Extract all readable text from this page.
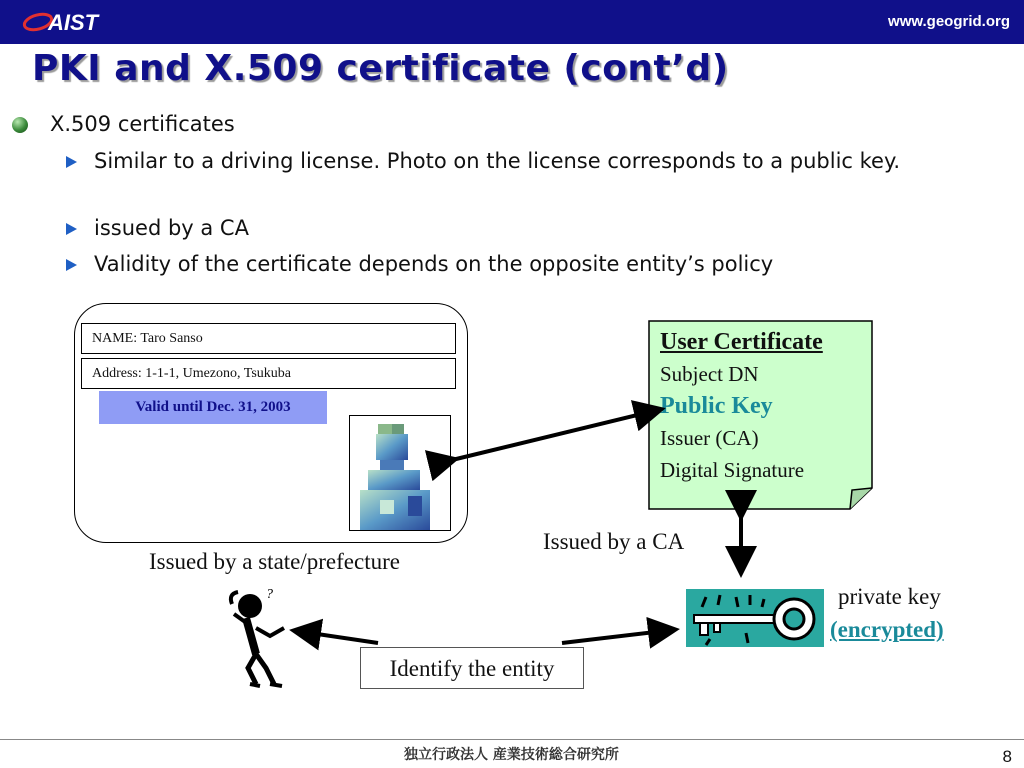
AIST	www.geogrid.org
PKI and X.509 certificate (cont’d)
X.509 certificates
Similar to a driving license. Photo on the license corresponds to a public key.
issued by a CA
Validity of the certificate depends on the opposite entity’s policy
NAME: Taro Sanso
Address: 1-1-1, Umezono, Tsukuba
Valid until Dec. 31, 2003
User Certificate
Subject DN
Public Key
Issuer (CA)
Digital Signature
Issued by a state/prefecture
Issued by a CA
private key
(encrypted)
Identify the entity
?
独立行政法人 産業技術総合研究所	8
